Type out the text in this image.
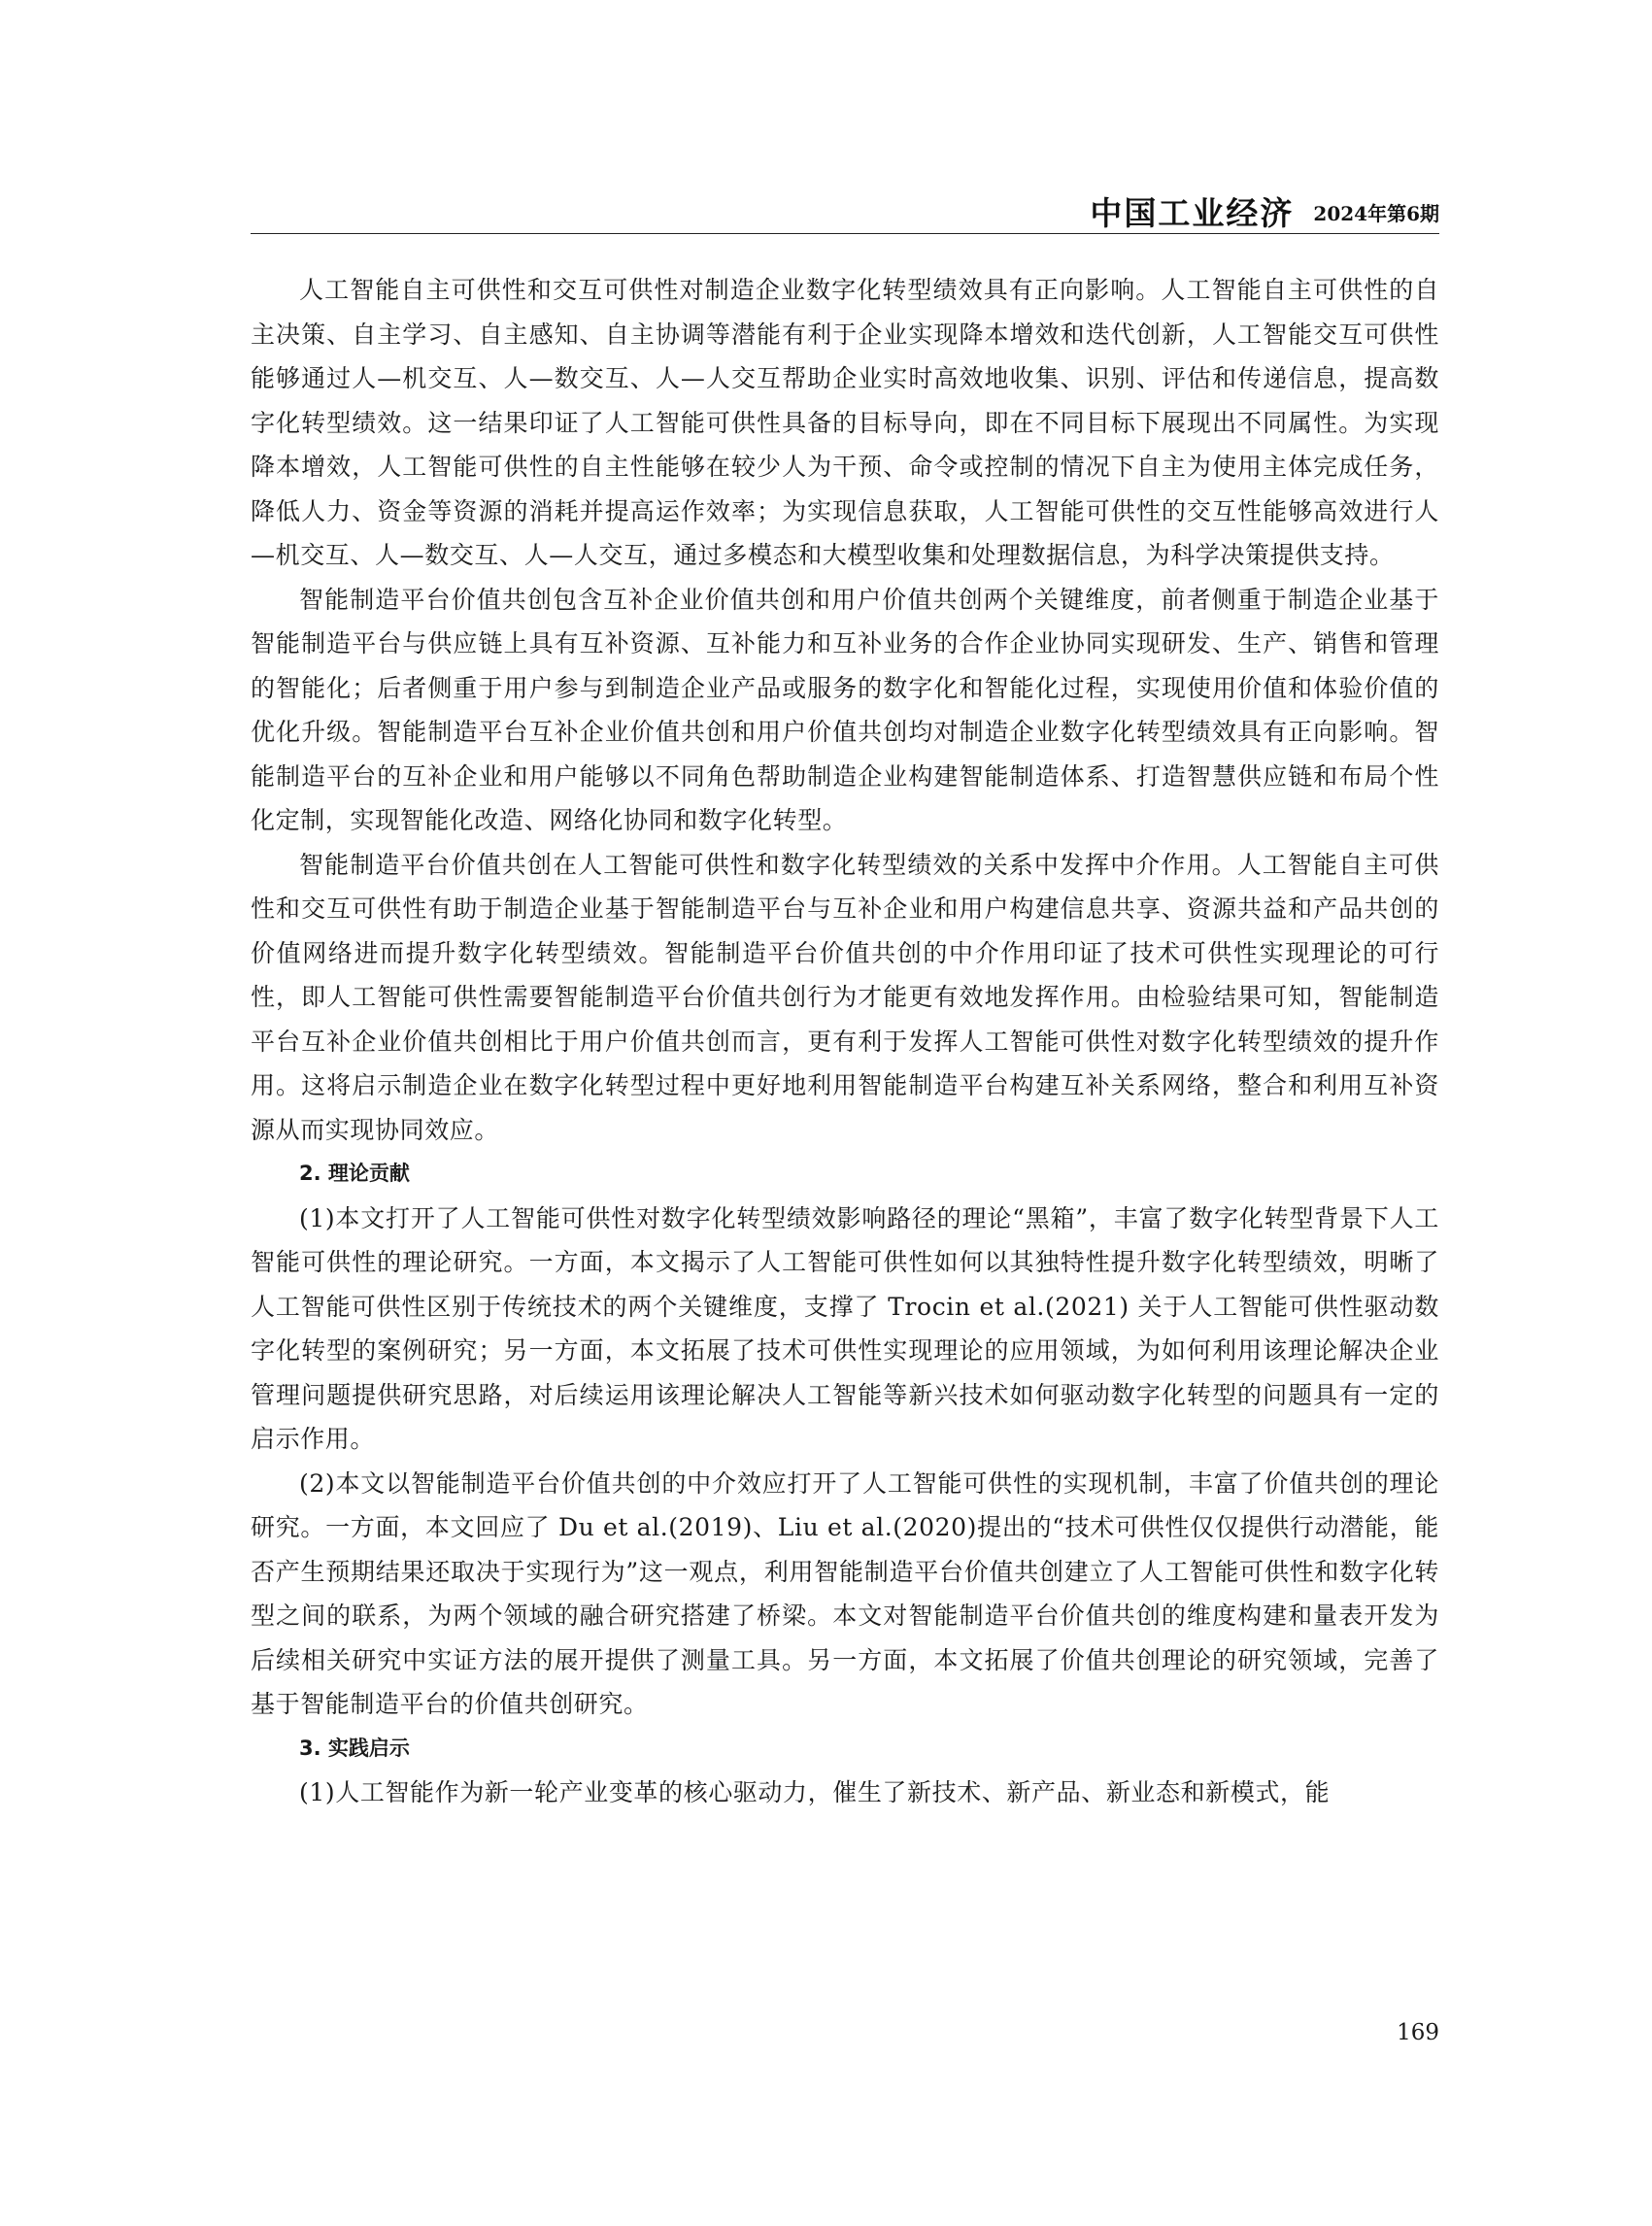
中国工业经济 2024年第6期

人工智能自主可供性和交互可供性对制造企业数字化转型绩效具有正向影响。人工智能自主可供性的自主决策、自主学习、自主感知、自主协调等潜能有利于企业实现降本增效和迭代创新，人工智能交互可供性能够通过人—机交互、人—数交互、人—人交互帮助企业实时高效地收集、识别、评估和传递信息，提高数字化转型绩效。这一结果印证了人工智能可供性具备的目标导向，即在不同目标下展现出不同属性。为实现降本增效，人工智能可供性的自主性能够在较少人为干预、命令或控制的情况下自主为使用主体完成任务，降低人力、资金等资源的消耗并提高运作效率；为实现信息获取，人工智能可供性的交互性能够高效进行人—机交互、人—数交互、人—人交互，通过多模态和大模型收集和处理数据信息，为科学决策提供支持。

智能制造平台价值共创包含互补企业价值共创和用户价值共创两个关键维度，前者侧重于制造企业基于智能制造平台与供应链上具有互补资源、互补能力和互补业务的合作企业协同实现研发、生产、销售和管理的智能化；后者侧重于用户参与到制造企业产品或服务的数字化和智能化过程，实现使用价值和体验价值的优化升级。智能制造平台互补企业价值共创和用户价值共创均对制造企业数字化转型绩效具有正向影响。智能制造平台的互补企业和用户能够以不同角色帮助制造企业构建智能制造体系、打造智慧供应链和布局个性化定制，实现智能化改造、网络化协同和数字化转型。

智能制造平台价值共创在人工智能可供性和数字化转型绩效的关系中发挥中介作用。人工智能自主可供性和交互可供性有助于制造企业基于智能制造平台与互补企业和用户构建信息共享、资源共益和产品共创的价值网络进而提升数字化转型绩效。智能制造平台价值共创的中介作用印证了技术可供性实现理论的可行性，即人工智能可供性需要智能制造平台价值共创行为才能更有效地发挥作用。由检验结果可知，智能制造平台互补企业价值共创相比于用户价值共创而言，更有利于发挥人工智能可供性对数字化转型绩效的提升作用。这将启示制造企业在数字化转型过程中更好地利用智能制造平台构建互补关系网络，整合和利用互补资源从而实现协同效应。

2. 理论贡献

(1)本文打开了人工智能可供性对数字化转型绩效影响路径的理论“黑箱”，丰富了数字化转型背景下人工智能可供性的理论研究。一方面，本文揭示了人工智能可供性如何以其独特性提升数字化转型绩效，明晰了人工智能可供性区别于传统技术的两个关键维度，支撑了 Trocin et al.(2021) 关于人工智能可供性驱动数字化转型的案例研究；另一方面，本文拓展了技术可供性实现理论的应用领域，为如何利用该理论解决企业管理问题提供研究思路，对后续运用该理论解决人工智能等新兴技术如何驱动数字化转型的问题具有一定的启示作用。

(2)本文以智能制造平台价值共创的中介效应打开了人工智能可供性的实现机制，丰富了价值共创的理论研究。一方面，本文回应了 Du et al.(2019)、Liu et al.(2020)提出的“技术可供性仅仅提供行动潜能，能否产生预期结果还取决于实现行为”这一观点，利用智能制造平台价值共创建立了人工智能可供性和数字化转型之间的联系，为两个领域的融合研究搭建了桥梁。本文对智能制造平台价值共创的维度构建和量表开发为后续相关研究中实证方法的展开提供了测量工具。另一方面，本文拓展了价值共创理论的研究领域，完善了基于智能制造平台的价值共创研究。

3. 实践启示

(1)人工智能作为新一轮产业变革的核心驱动力，催生了新技术、新产品、新业态和新模式，能

169
